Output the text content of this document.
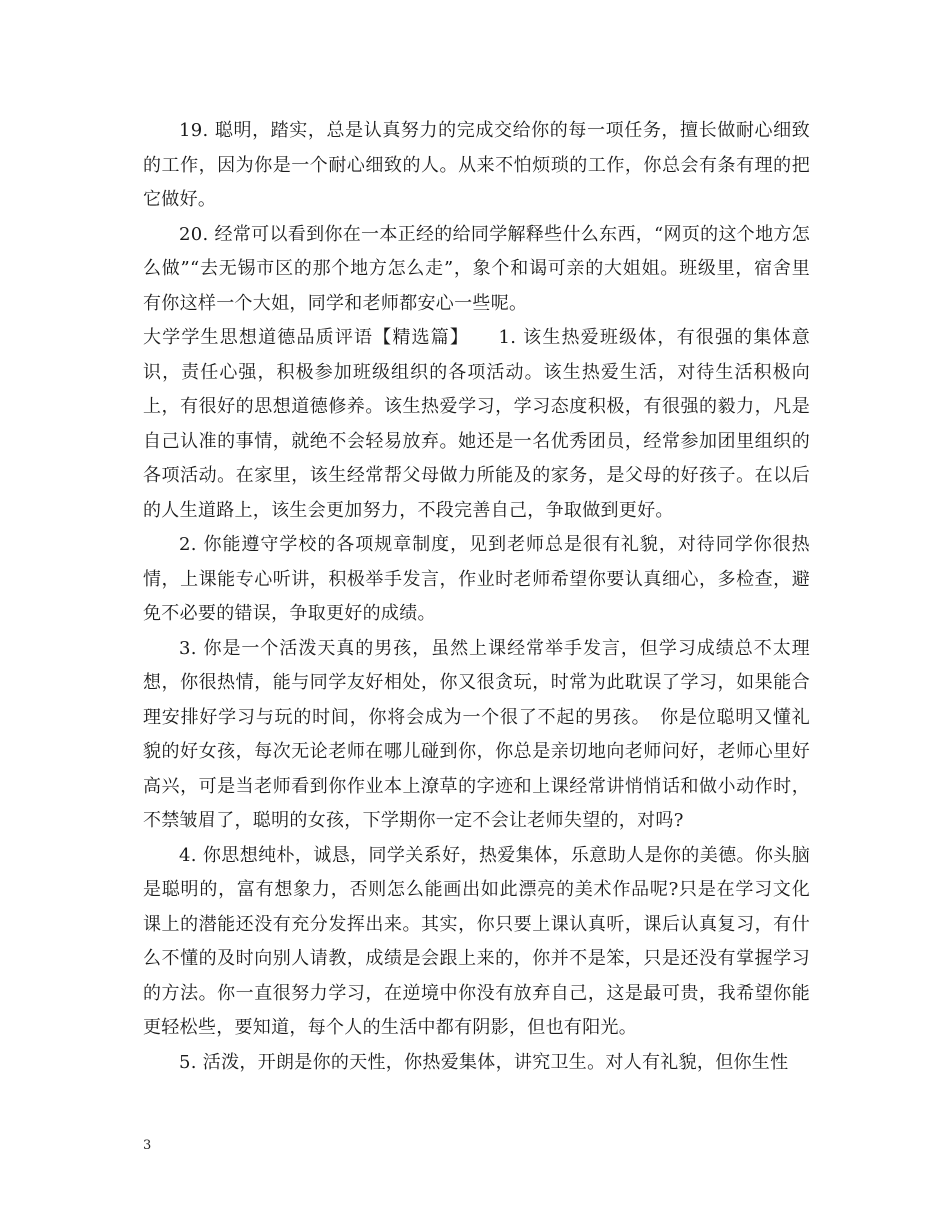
19. 聪明，踏实，总是认真努力的完成交给你的每一项任务，擅长做耐心细致的工作，因为你是一个耐心细致的人。从来不怕烦琐的工作，你总会有条有理的把它做好。

20. 经常可以看到你在一本正经的给同学解释些什么东西，“网页的这个地方怎么做”“去无锡市区的那个地方怎么走”，象个和谒可亲的大姐姐。班级里，宿舍里有你这样一个大姐，同学和老师都安心一些呢。

大学学生思想道德品质评语【精选篇】　　1. 该生热爱班级体，有很强的集体意识，责任心强，积极参加班级组织的各项活动。该生热爱生活，对待生活积极向上，有很好的思想道德修养。该生热爱学习，学习态度积极，有很强的毅力，凡是自己认准的事情，就绝不会轻易放弃。她还是一名优秀团员，经常参加团里组织的各项活动。在家里，该生经常帮父母做力所能及的家务，是父母的好孩子。在以后的人生道路上，该生会更加努力，不段完善自己，争取做到更好。

2. 你能遵守学校的各项规章制度，见到老师总是很有礼貌，对待同学你很热情，上课能专心听讲，积极举手发言，作业时老师希望你要认真细心，多检查，避免不必要的错误，争取更好的成绩。

3. 你是一个活泼天真的男孩，虽然上课经常举手发言，但学习成绩总不太理想，你很热情，能与同学友好相处，你又很贪玩，时常为此耽误了学习，如果能合理安排好学习与玩的时间，你将会成为一个很了不起的男孩。　你是位聪明又懂礼貌的好女孩，每次无论老师在哪儿碰到你，你总是亲切地向老师问好，老师心里好高兴，可是当老师看到你作业本上潦草的字迹和上课经常讲悄悄话和做小动作时，不禁皱眉了，聪明的女孩，下学期你一定不会让老师失望的，对吗?

4. 你思想纯朴，诚恳，同学关系好，热爱集体，乐意助人是你的美德。你头脑是聪明的，富有想象力，否则怎么能画出如此漂亮的美术作品呢?只是在学习文化课上的潜能还没有充分发挥出来。其实，你只要上课认真听，课后认真复习，有什么不懂的及时向别人请教，成绩是会跟上来的，你并不是笨，只是还没有掌握学习的方法。你一直很努力学习，在逆境中你没有放弃自己，这是最可贵，我希望你能更轻松些，要知道，每个人的生活中都有阴影，但也有阳光。

5. 活泼，开朗是你的天性，你热爱集体，讲究卫生。对人有礼貌，但你生性

3
